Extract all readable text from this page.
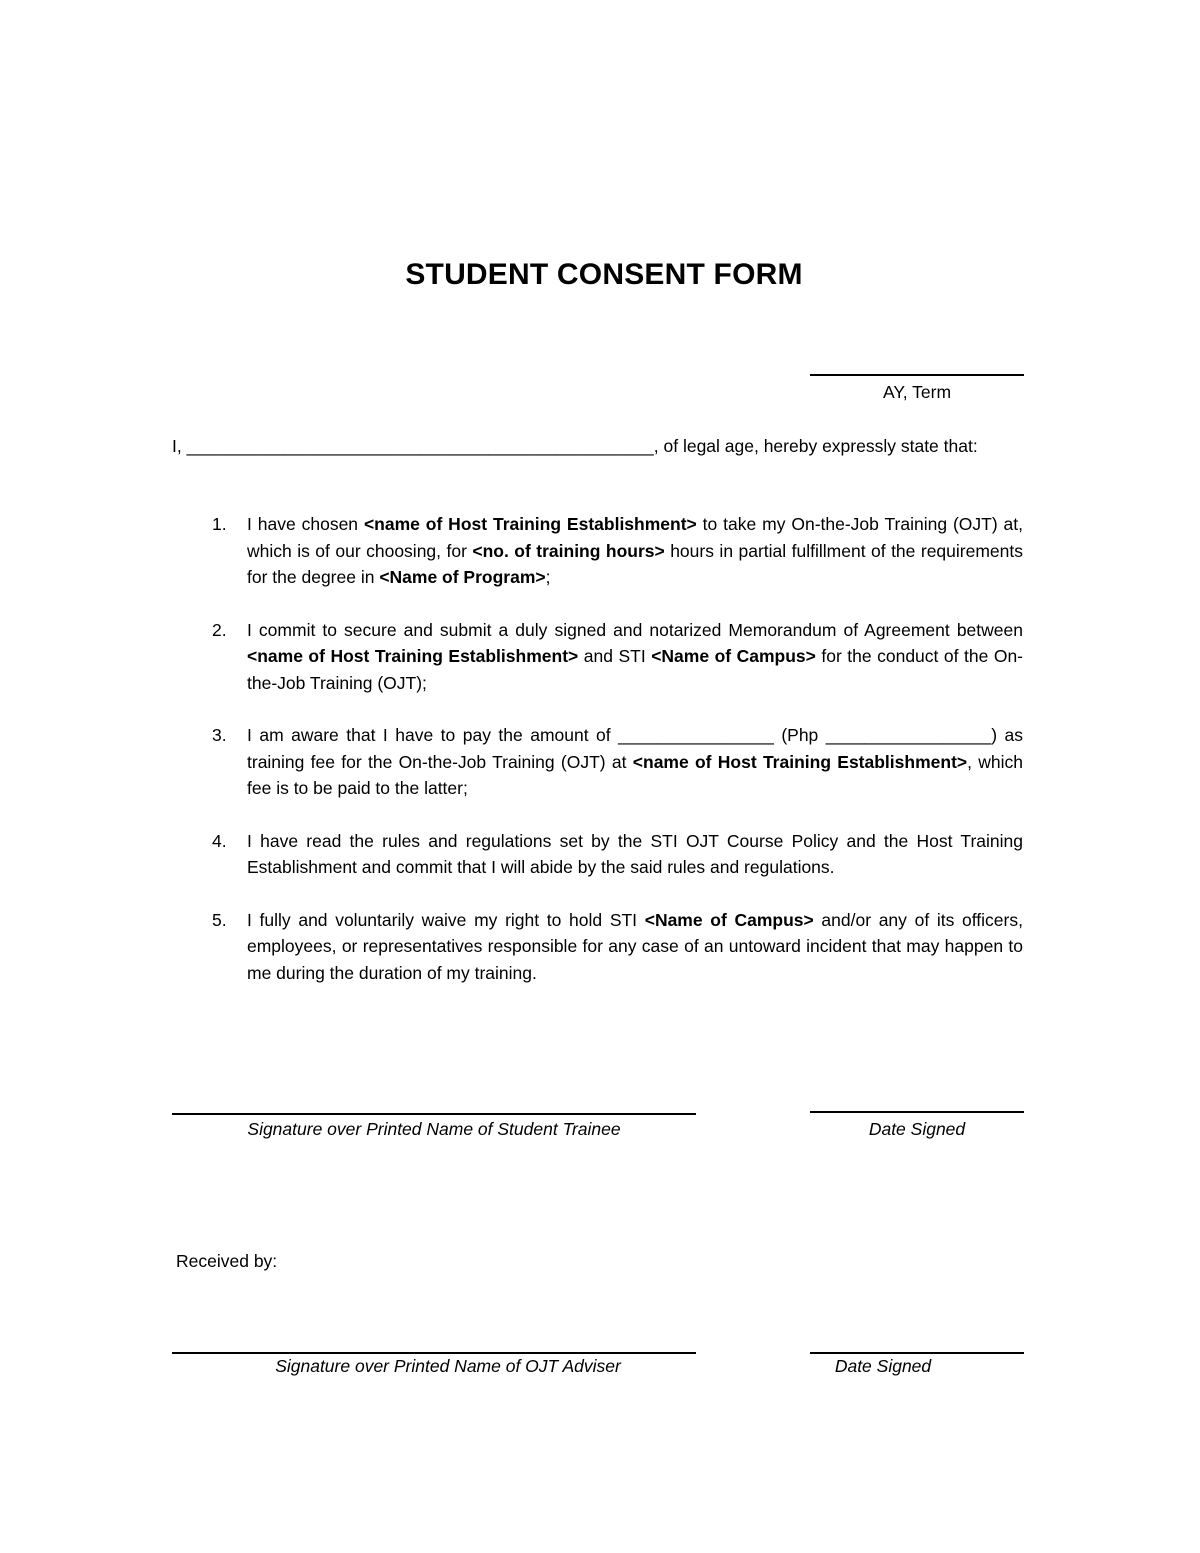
STUDENT CONSENT FORM
AY, Term
I, ________________________________________________, of legal age, hereby expressly state that:
1. I have chosen <name of Host Training Establishment> to take my On-the-Job Training (OJT) at, which is of our choosing, for <no. of training hours> hours in partial fulfillment of the requirements for the degree in <Name of Program>;
2. I commit to secure and submit a duly signed and notarized Memorandum of Agreement between <name of Host Training Establishment> and STI <Name of Campus> for the conduct of the On-the-Job Training (OJT);
3. I am aware that I have to pay the amount of ________________ (Php _________________) as training fee for the On-the-Job Training (OJT) at <name of Host Training Establishment>, which fee is to be paid to the latter;
4. I have read the rules and regulations set by the STI OJT Course Policy and the Host Training Establishment and commit that I will abide by the said rules and regulations.
5. I fully and voluntarily waive my right to hold STI <Name of Campus> and/or any of its officers, employees, or representatives responsible for any case of an untoward incident that may happen to me during the duration of my training.
Signature over Printed Name of Student Trainee	Date Signed
Received by:
Signature over Printed Name of OJT Adviser	Date Signed
